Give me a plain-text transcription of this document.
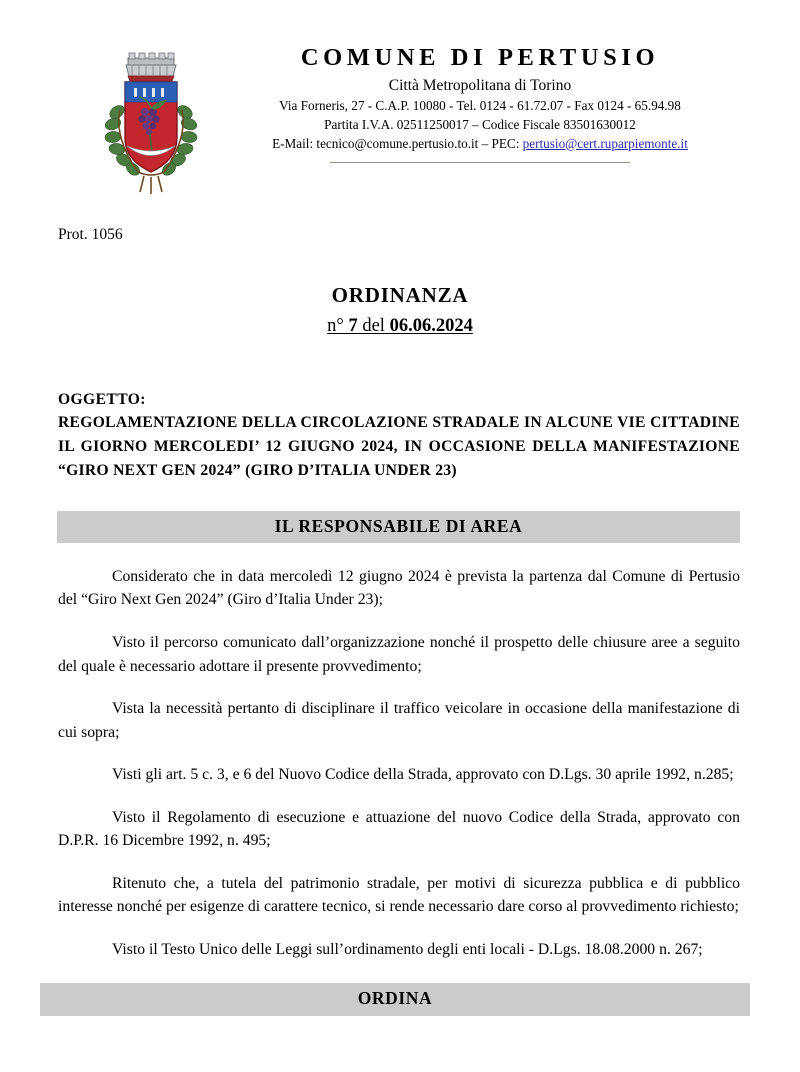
COMUNE DI PERTUSIO
Città Metropolitana di Torino
Via Forneris, 27 - C.A.P. 10080 - Tel. 0124 - 61.72.07 - Fax 0124 - 65.94.98
Partita I.V.A. 02511250017 – Codice Fiscale 83501630012
E-Mail: tecnico@comune.pertusio.to.it – PEC: pertusio@cert.ruparpiemonte.it
Prot. 1056
ORDINANZA
n° 7 del 06.06.2024
OGGETTO:
REGOLAMENTAZIONE DELLA CIRCOLAZIONE STRADALE IN ALCUNE VIE CITTADINE IL GIORNO MERCOLEDI’ 12 GIUGNO 2024, IN OCCASIONE DELLA MANIFESTAZIONE “GIRO NEXT GEN 2024” (GIRO D’ITALIA UNDER 23)
IL RESPONSABILE DI AREA

Considerato che in data mercoledì 12 giugno 2024 è prevista la partenza dal Comune di Pertusio del “Giro Next Gen 2024” (Giro d’Italia Under 23);

Visto il percorso comunicato dall’organizzazione nonché il prospetto delle chiusure aree a seguito del quale è necessario adottare il presente provvedimento;

Vista la necessità pertanto di disciplinare il traffico veicolare in occasione della manifestazione di cui sopra;

Visti gli art. 5 c. 3, e 6 del Nuovo Codice della Strada, approvato con D.Lgs. 30 aprile 1992, n.285;

Visto il Regolamento di esecuzione e attuazione del nuovo Codice della Strada, approvato con D.P.R. 16 Dicembre 1992, n. 495;

Ritenuto che, a tutela del patrimonio stradale, per motivi di sicurezza pubblica e di pubblico interesse nonché per esigenze di carattere tecnico, si rende necessario dare corso al provvedimento richiesto;

Visto il Testo Unico delle Leggi sull’ordinamento degli enti locali - D.Lgs. 18.08.2000 n. 267;

ORDINA
